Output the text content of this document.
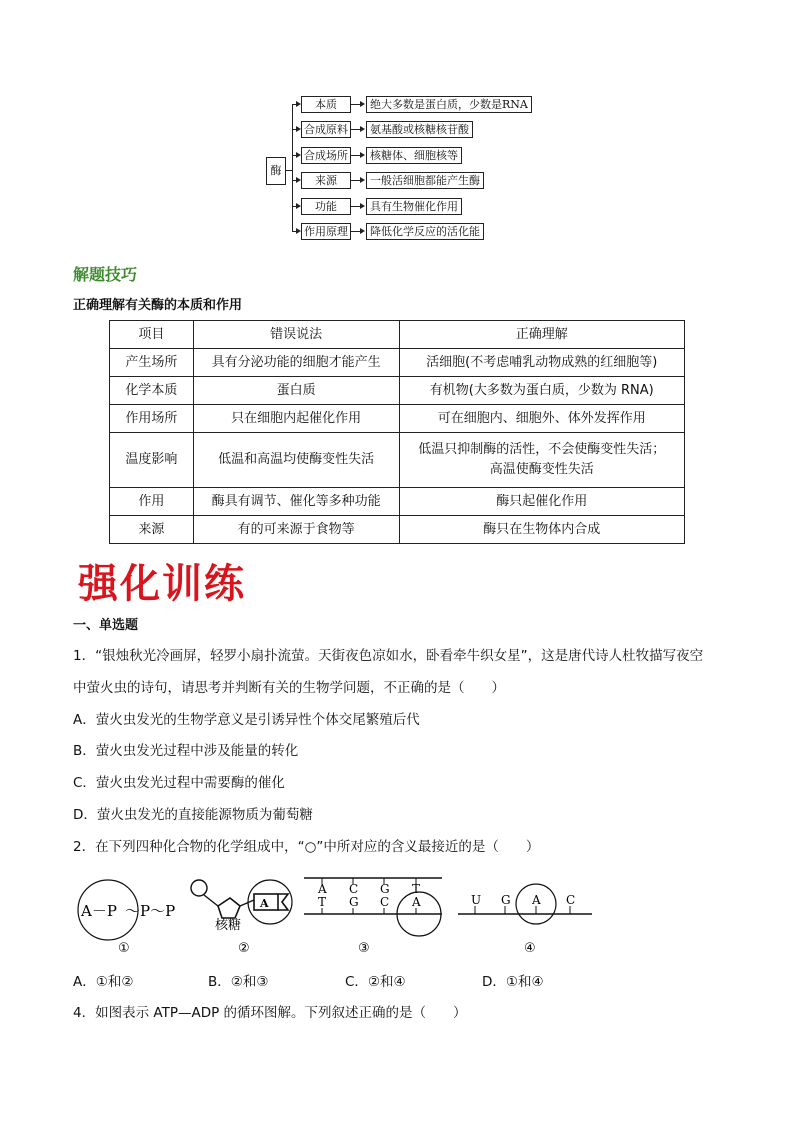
酶
本质	绝大多数是蛋白质，少数是RNA
合成原料	氨基酸或核糖核苷酸
合成场所	核糖体、细胞核等
来源	一般活细胞都能产生酶
功能	具有生物催化作用
作用原理	降低化学反应的活化能
解题技巧
正确理解有关酶的本质和作用
项目	错误说法	正确理解
产生场所	具有分泌功能的细胞才能产生	活细胞(不考虑哺乳动物成熟的红细胞等)
化学本质	蛋白质	有机物(大多数为蛋白质，少数为 RNA)
作用场所	只在细胞内起催化作用	可在细胞内、细胞外、体外发挥作用
温度影响	低温和高温均使酶变性失活	低温只抑制酶的活性，不会使酶变性失活；
高温使酶变性失活

作用	酶具有调节、催化等多种功能	酶只起催化作用
来源	有的可来源于食物等	酶只在生物体内合成
强化训练
一、单选题
1．“银烛秋光冷画屏，轻罗小扇扑流萤。天街夜色凉如水，卧看牵牛织女星”，这是唐代诗人杜牧描写夜空
中萤火虫的诗句，请思考并判断有关的生物学问题，不正确的是（　　）
A．萤火虫发光的生物学意义是引诱异性个体交尾繁殖后代
B．萤火虫发光过程中涉及能量的转化
C．萤火虫发光过程中需要酶的催化
D．萤火虫发光的直接能源物质为葡萄糖
2．在下列四种化合物的化学组成中，“○”中所对应的含义最接近的是（　　）
A－P ～P～P
①
A
核糖
②
A C G T
T G C A
③
U G A C
④
A．①和②	B．②和③	C．②和④	D．①和④
4．如图表示 ATP—ADP 的循环图解。下列叙述正确的是（　　）
